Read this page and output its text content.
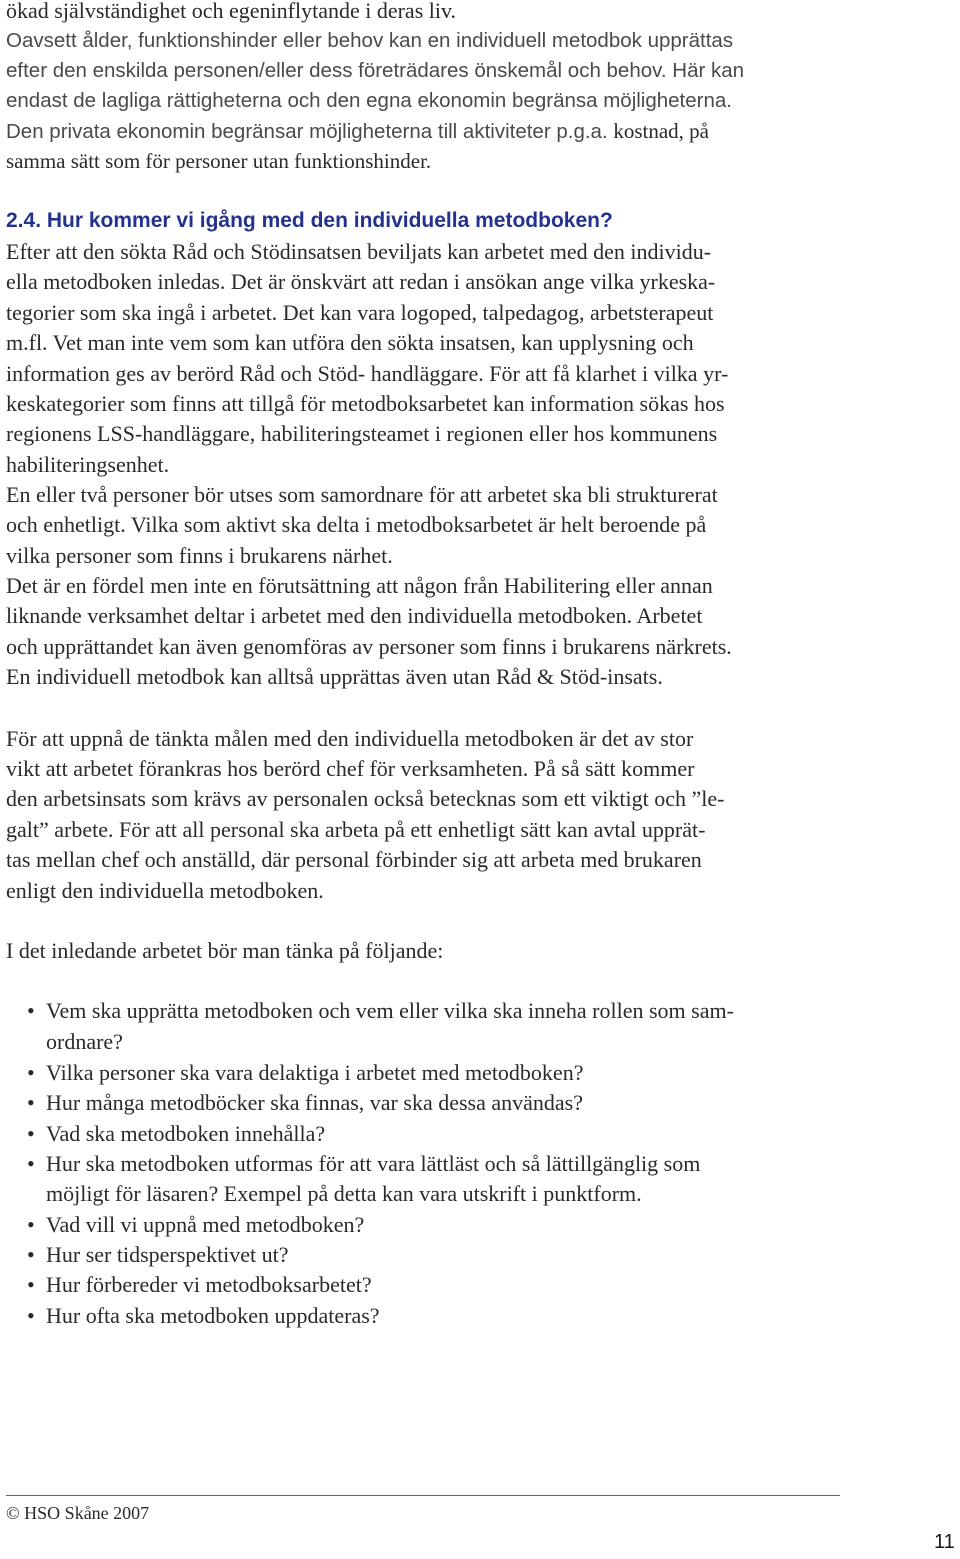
ökad självständighet och egeninflytande i deras liv.
Oavsett ålder, funktionshinder eller behov kan en individuell metodbok upprättas
efter den enskilda personen/eller dess företrädares önskemål och behov. Här kan
endast de lagliga rättigheterna och den egna ekonomin begränsa möjligheterna.
Den privata ekonomin begränsar möjligheterna till aktiviteter p.g.a. kostnad, på
samma sätt som för personer utan funktionshinder.
2.4. Hur kommer vi igång med den individuella metodboken?
Efter att den sökta Råd och Stödinsatsen beviljats kan arbetet med den individu-
ella metodboken inledas. Det är önskvärt att redan i ansökan ange vilka yrkeska-
tegorier som ska ingå i arbetet. Det kan vara logoped, talpedagog, arbetsterapeut
m.fl. Vet man inte vem som kan utföra den sökta insatsen, kan upplysning och
information ges av berörd Råd och Stöd- handläggare. För att få klarhet i vilka yr-
keskategorier som finns att tillgå för metodboksarbetet kan information sökas hos
regionens LSS-handläggare, habiliteringsteamet i regionen eller hos kommunens
habiliteringsenhet.
En eller två personer bör utses som samordnare för att arbetet ska bli strukturerat
och enhetligt. Vilka som aktivt ska delta i metodboksarbetet är helt beroende på
vilka personer som finns i brukarens närhet.
Det är en fördel men inte en förutsättning att någon från Habilitering eller annan
liknande verksamhet deltar i arbetet med den individuella metodboken. Arbetet
och upprättandet kan även genomföras av personer som finns i brukarens närkrets.
En individuell metodbok kan alltså upprättas även utan Råd & Stöd-insats.
För att uppnå de tänkta målen med den individuella metodboken är det av stor
vikt att arbetet förankras hos berörd chef för verksamheten. På så sätt kommer
den arbetsinsats som krävs av personalen också betecknas som ett viktigt och ”le-
galt” arbete. För att all personal ska arbeta på ett enhetligt sätt kan avtal upprät-
tas mellan chef och anställd, där personal förbinder sig att arbeta med brukaren
enligt den individuella metodboken.
I det inledande arbetet bör man tänka på följande:
• Vem ska upprätta metodboken och vem eller vilka ska inneha rollen som sam-
ordnare?
• Vilka personer ska vara delaktiga i arbetet med metodboken?
• Hur många metodböcker ska finnas, var ska dessa användas?
• Vad ska metodboken innehålla?
• Hur ska metodboken utformas för att vara lättläst och så lättillgänglig som
möjligt för läsaren? Exempel på detta kan vara utskrift i punktform.
• Vad vill vi uppnå med metodboken?
• Hur ser tidsperspektivet ut?
• Hur förbereder vi metodboksarbetet?
• Hur ofta ska metodboken uppdateras?
© HSO Skåne 2007
11
